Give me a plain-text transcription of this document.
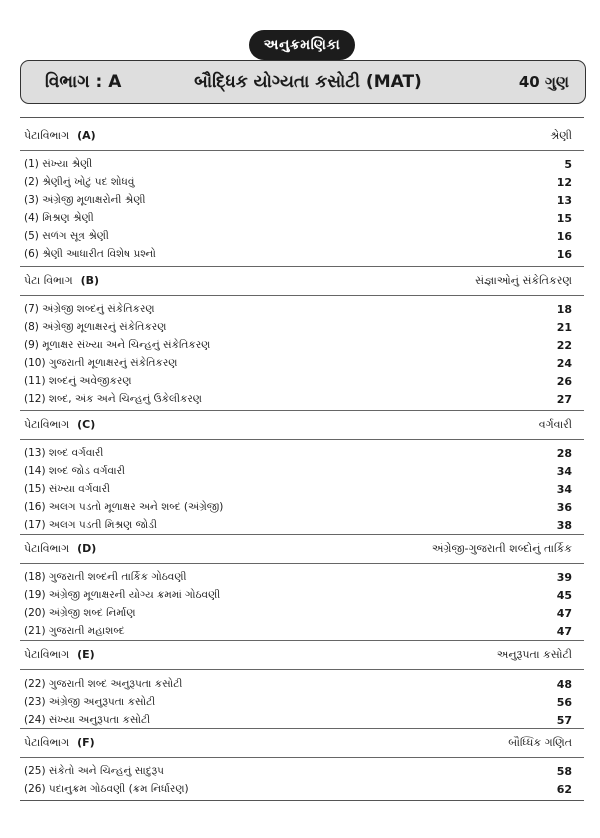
અનુક્રમણિકા
વિભાગ : A	બૌદ્ધિક યોગ્યતા કસોટી (MAT)	40 ગુણ
પેટાવિભાગ (A)	શ્રેણી
(1) સંખ્યા શ્રેણી	5
(2) શ્રેણીનું ખોટું પદ શોધવું	12
(3) અંગ્રેજી મૂળાક્ષરોની શ્રેણી	13
(4) મિશ્રણ શ્રેણી	15
(5) સળંગ સૂત્ર શ્રેણી	16
(6) શ્રેણી આધારીત વિશેષ પ્રશ્નો	16
પેટા વિભાગ (B)	સંજ્ઞાઓનું સંકેતિકરણ
(7) અંગ્રેજી શબ્દનું સંકેતિકરણ	18
(8) અંગ્રેજી મૂળાક્ષરનું સંકેતિકરણ	21
(9) મૂળાક્ષર સંખ્યા અને ચિન્હનું સંકેતિકરણ	22
(10) ગુજરાતી મૂળાક્ષરનું સંકેતિકરણ	24
(11) શબ્દનું અવેજીકરણ	26
(12) શબ્દ, અંક અને ચિન્હનું ઉકેલીકરણ	27
પેટાવિભાગ (C)	વર્ગવારી
(13) શબ્દ વર્ગવારી	28
(14) શબ્દ જોડ વર્ગવારી	34
(15) સંખ્યા વર્ગવારી	34
(16) અલગ પડતો મૂળાક્ષર અને શબ્દ (અંગ્રેજી)	36
(17) અલગ પડતી મિશ્રણ જોડી	38
પેટાવિભાગ (D)	અંગ્રેજી-ગુજરાતી શબ્દોનું તાર્કિક
(18) ગુજરાતી શબ્દની તાર્કિક ગોઠવણી	39
(19) અંગ્રેજી મૂળાક્ષરની યોગ્ય ક્રમમાં ગોઠવણી	45
(20) અંગ્રેજી શબ્દ નિર્માણ	47
(21) ગુજરાતી મહાશબ્દ	47
પેટાવિભાગ (E)	અનુરૂપતા કસોટી
(22) ગુજરાતી શબ્દ અનુરૂપતા કસોટી	48
(23) અંગ્રેજી અનુરૂપતા કસોટી	56
(24) સંખ્યા અનુરૂપતા કસોટી	57
પેટાવિભાગ (F)	બૌધ્ધિક ગણિત
(25) સંકેતો અને ચિન્હનું સાદુરૂપ	58
(26) પદાનુક્રમ ગોઠવણી (ક્રમ નિર્ધારણ)	62
